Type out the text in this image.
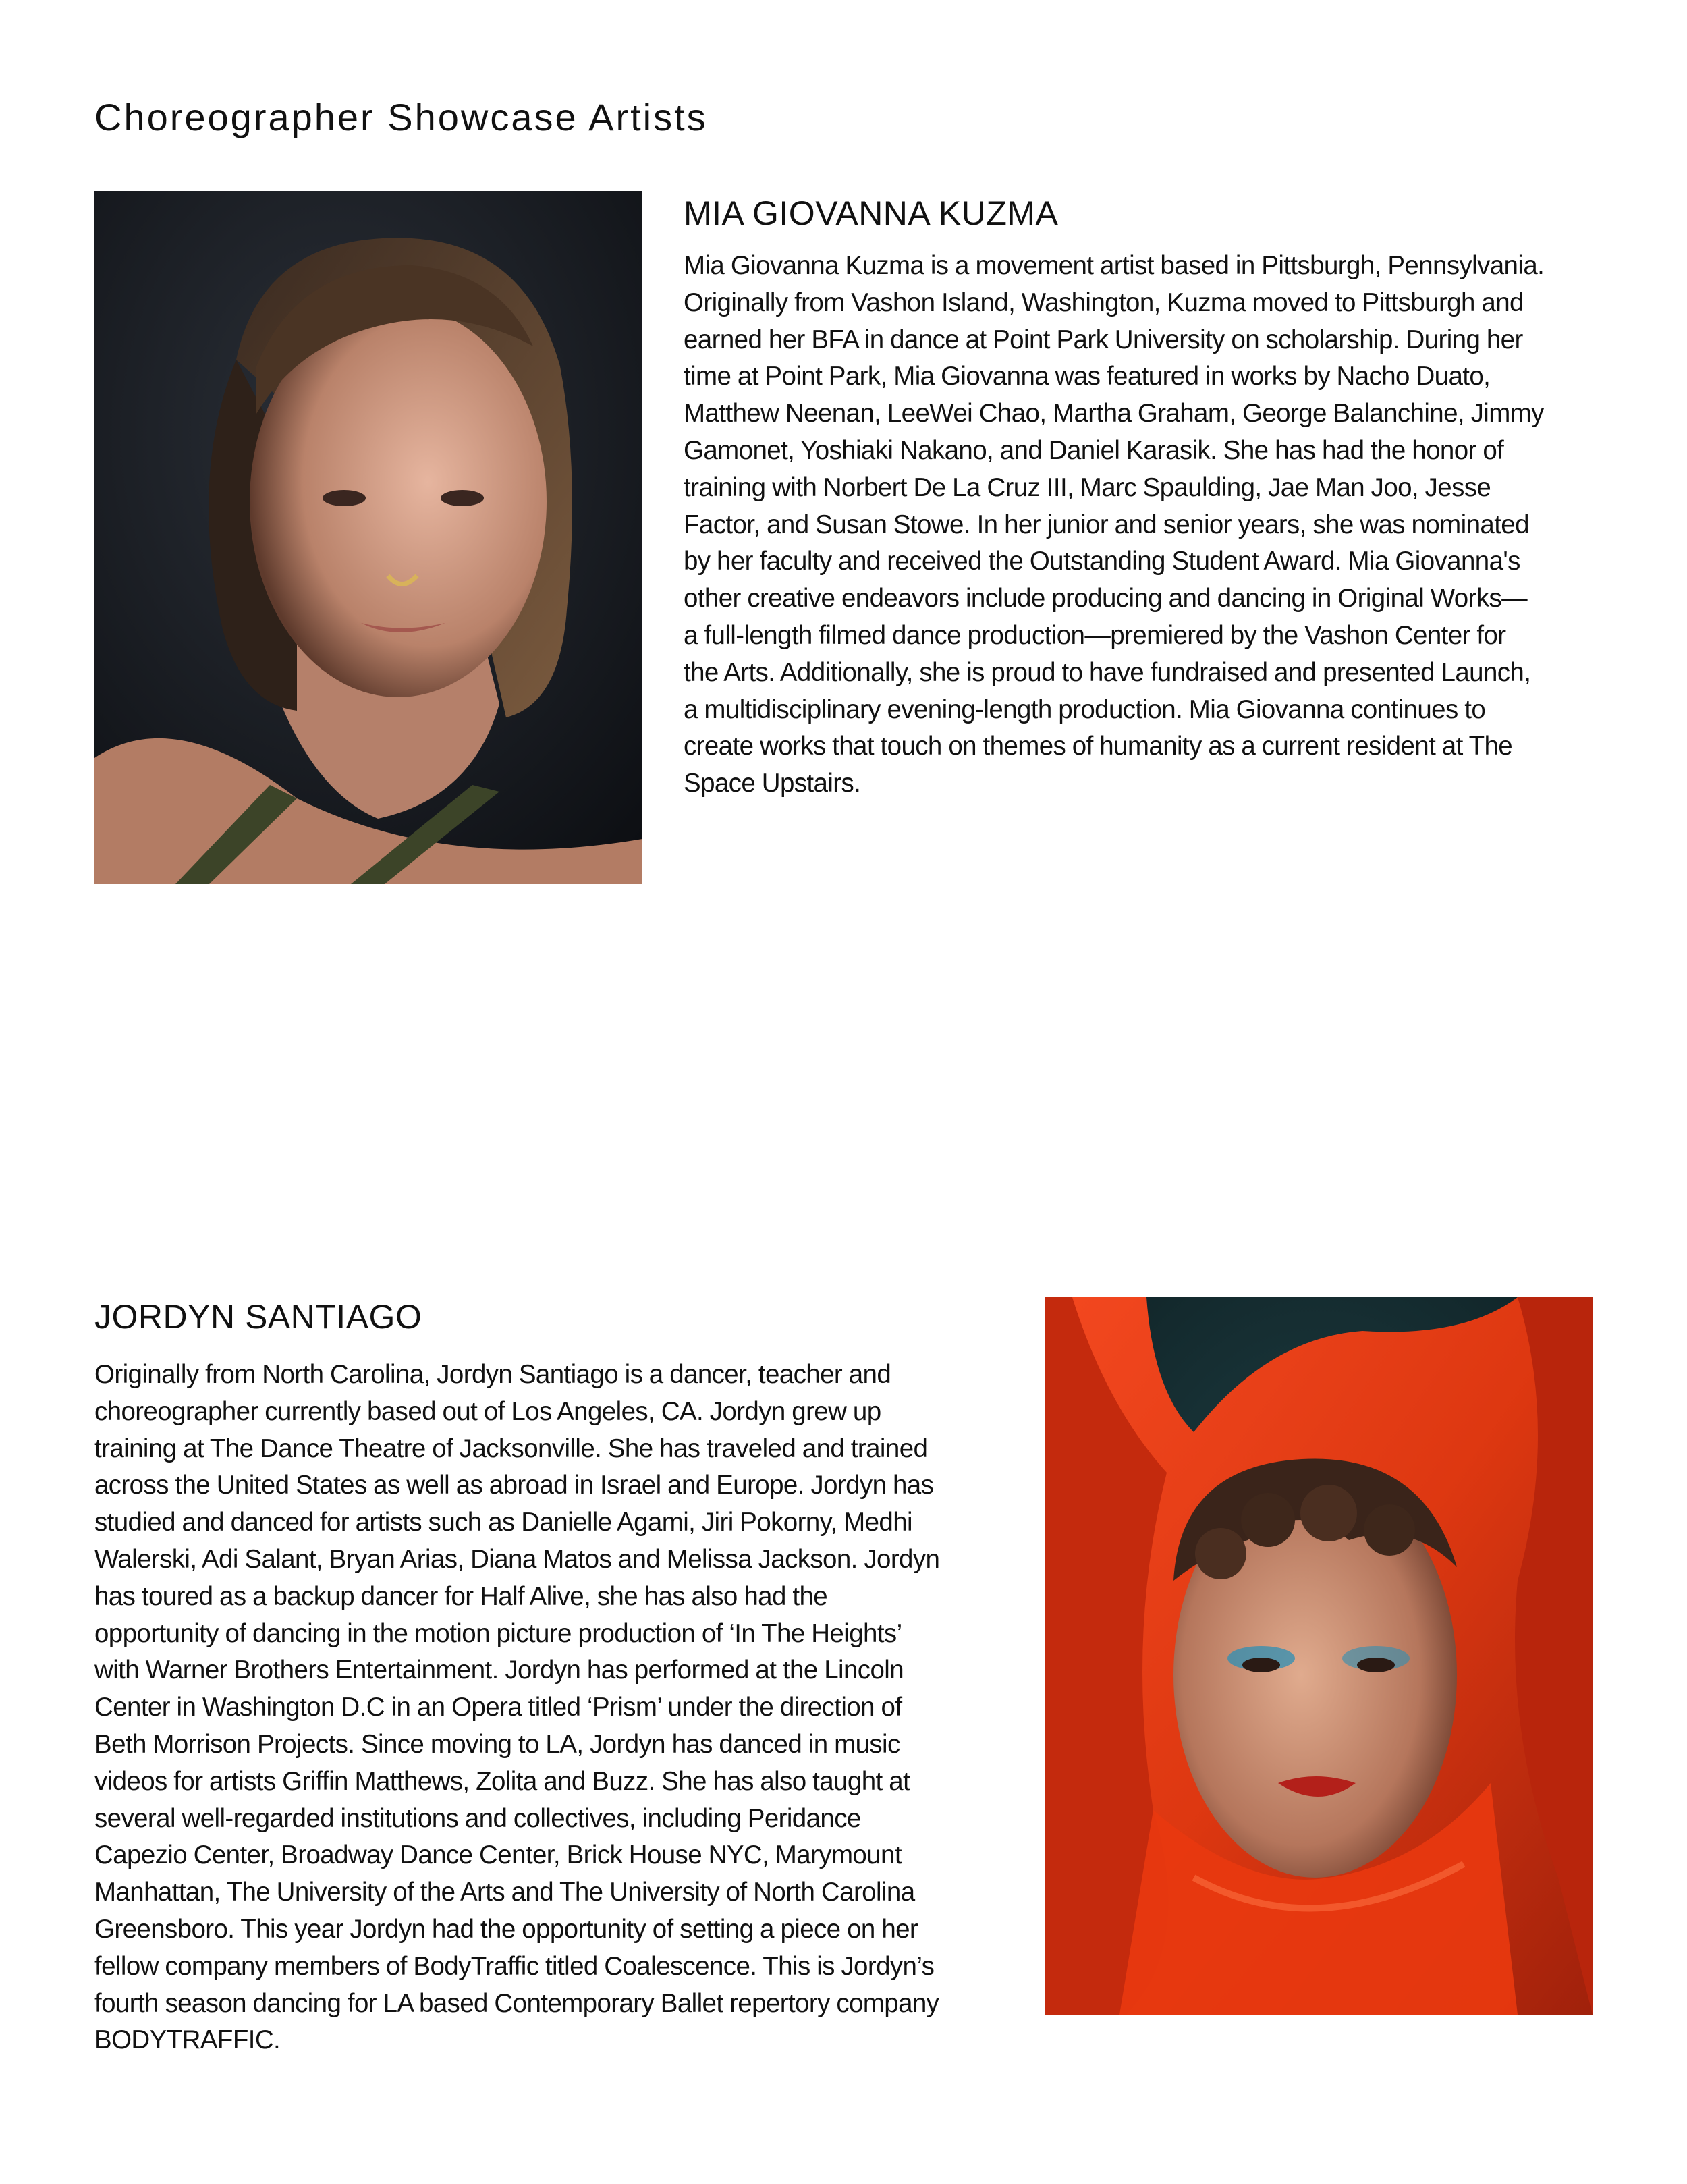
Choreographer Showcase Artists
MIA GIOVANNA KUZMA

Mia Giovanna Kuzma is a movement artist based in Pittsburgh, Pennsylvania.
Originally from Vashon Island, Washington, Kuzma moved to Pittsburgh and
earned her BFA in dance at Point Park University on scholarship. During her
time at Point Park, Mia Giovanna was featured in works by Nacho Duato,
Matthew Neenan, LeeWei Chao, Martha Graham, George Balanchine, Jimmy
Gamonet, Yoshiaki Nakano, and Daniel Karasik. She has had the honor of
training with Norbert De La Cruz III, Marc Spaulding, Jae Man Joo, Jesse
Factor, and Susan Stowe. In her junior and senior years, she was nominated
by her faculty and received the Outstanding Student Award. Mia Giovanna's
other creative endeavors include producing and dancing in Original Works—
a full-length filmed dance production—premiered by the Vashon Center for
the Arts. Additionally, she is proud to have fundraised and presented Launch,
a multidisciplinary evening-length production. Mia Giovanna continues to
create works that touch on themes of humanity as a current resident at The
Space Upstairs.

JORDYN SANTIAGO

Originally from North Carolina, Jordyn Santiago is a dancer, teacher and
choreographer currently based out of Los Angeles, CA. Jordyn grew up
training at The Dance Theatre of Jacksonville. She has traveled and trained
across the United States as well as abroad in Israel and Europe. Jordyn has
studied and danced for artists such as Danielle Agami, Jiri Pokorny, Medhi
Walerski, Adi Salant, Bryan Arias, Diana Matos and Melissa Jackson. Jordyn
has toured as a backup dancer for Half Alive, she has also had the
opportunity of dancing in the motion picture production of ‘In The Heights’
with Warner Brothers Entertainment. Jordyn has performed at the Lincoln
Center in Washington D.C in an Opera titled ‘Prism’ under the direction of
Beth Morrison Projects. Since moving to LA, Jordyn has danced in music
videos for artists Griffin Matthews, Zolita and Buzz. She has also taught at
several well-regarded institutions and collectives, including Peridance
Capezio Center, Broadway Dance Center, Brick House NYC, Marymount
Manhattan, The University of the Arts and The University of North Carolina
Greensboro. This year Jordyn had the opportunity of setting a piece on her
fellow company members of BodyTraffic titled Coalescence. This is Jordyn’s
fourth season dancing for LA based Contemporary Ballet repertory company
BODYTRAFFIC.
